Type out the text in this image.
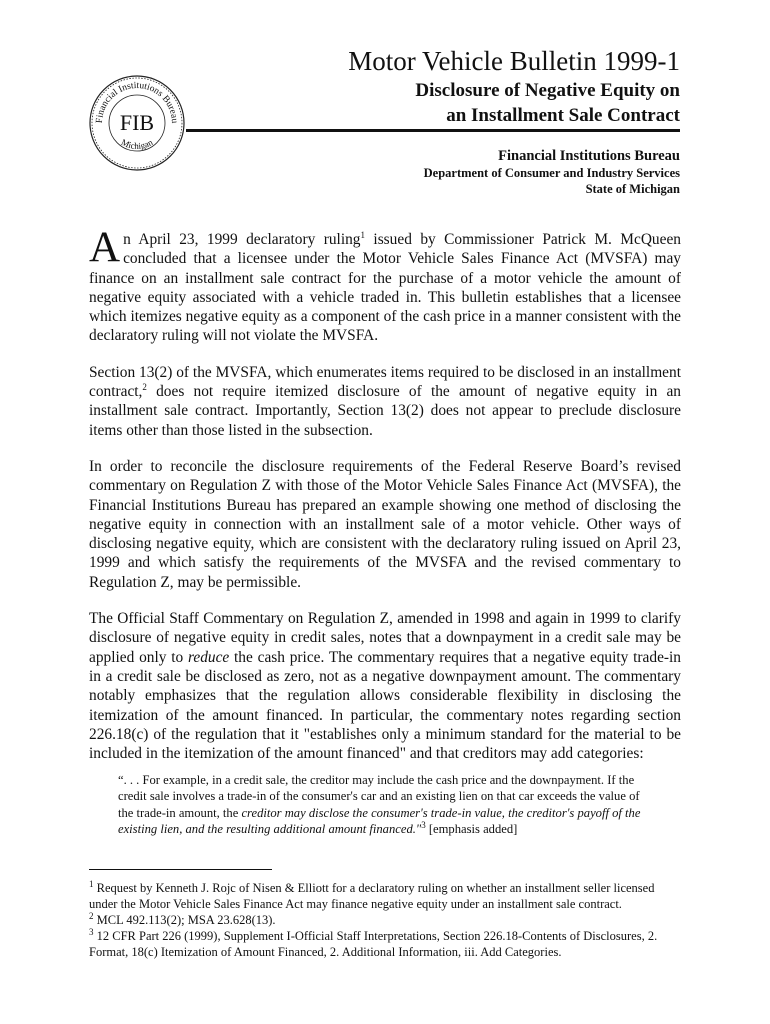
Financial Institutions Bureau
Michigan
FIB
Motor Vehicle Bulletin 1999-1
Disclosure of Negative Equity on
an Installment Sale Contract
Financial Institutions Bureau
Department of Consumer and Industry Services
State of Michigan

An April 23, 1999 declaratory ruling$^1$ issued by Commissioner Patrick M. McQueen concluded that a licensee under the Motor Vehicle Sales Finance Act (MVSFA) may finance on an installment sale contract for the purchase of a motor vehicle the amount of negative equity associated with a vehicle traded in. This bulletin establishes that a licensee which itemizes negative equity as a component of the cash price in a manner consistent with the declaratory ruling will not violate the MVSFA.

Section 13(2) of the MVSFA, which enumerates items required to be disclosed in an installment contract,$^2$ does not require itemized disclosure of the amount of negative equity in an installment sale contract. Importantly, Section 13(2) does not appear to preclude disclosure items other than those listed in the subsection.

In order to reconcile the disclosure requirements of the Federal Reserve Board’s revised commentary on Regulation Z with those of the Motor Vehicle Sales Finance Act (MVSFA), the Financial Institutions Bureau has prepared an example showing one method of disclosing the negative equity in connection with an installment sale of a motor vehicle. Other ways of disclosing negative equity, which are consistent with the declaratory ruling issued on April 23, 1999 and which satisfy the requirements of the MVSFA and the revised commentary to Regulation Z, may be permissible.

The Official Staff Commentary on Regulation Z, amended in 1998 and again in 1999 to clarify disclosure of negative equity in credit sales, notes that a downpayment in a credit sale may be applied only to reduce the cash price. The commentary requires that a negative equity trade-in in a credit sale be disclosed as zero, not as a negative downpayment amount. The commentary notably emphasizes that the regulation allows considerable flexibility in disclosing the itemization of the amount financed. In particular, the commentary notes regarding section 226.18(c) of the regulation that it "establishes only a minimum standard for the material to be included in the itemization of the amount financed" and that creditors may add categories:

“. . . For example, in a credit sale, the creditor may include the cash price and the downpayment. If the credit sale involves a trade-in of the consumer's car and an existing lien on that car exceeds the value of the trade-in amount, the creditor may disclose the consumer's trade-in value, the creditor's payoff of the existing lien, and the resulting additional amount financed."$^3$ [emphasis added]
$^1$ Request by Kenneth J. Rojc of Nisen & Elliott for a declaratory ruling on whether an installment seller licensed under the Motor Vehicle Sales Finance Act may finance negative equity under an installment sale contract.
$^2$ MCL 492.113(2); MSA 23.628(13).
$^3$ 12 CFR Part 226 (1999), Supplement I-Official Staff Interpretations, Section 226.18-Contents of Disclosures, 2. Format, 18(c) Itemization of Amount Financed, 2. Additional Information, iii. Add Categories.
